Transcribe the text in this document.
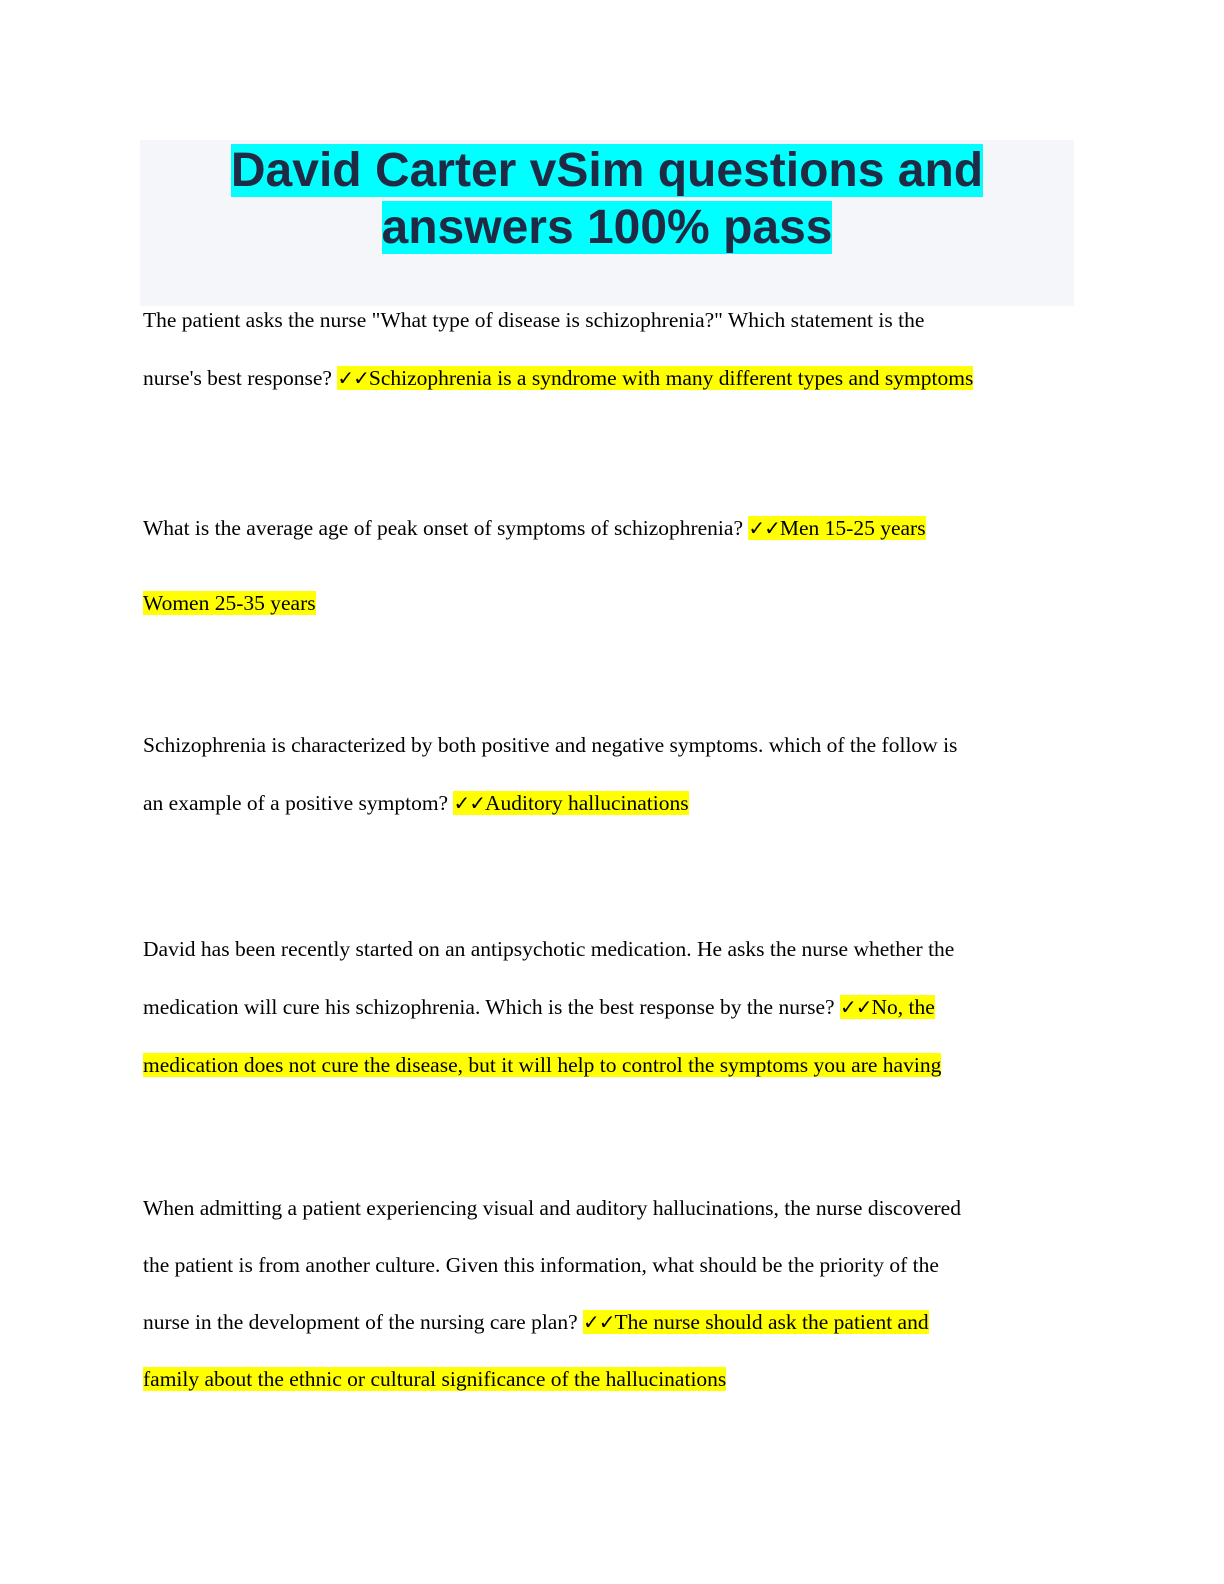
David Carter vSim questions and
answers 100% pass
The patient asks the nurse "What type of disease is schizophrenia?" Which statement is the
nurse's best response? ✓✓Schizophrenia is a syndrome with many different types and symptoms
What is the average age of peak onset of symptoms of schizophrenia? ✓✓Men 15-25 years
Women 25-35 years
Schizophrenia is characterized by both positive and negative symptoms. which of the follow is
an example of a positive symptom? ✓✓Auditory hallucinations
David has been recently started on an antipsychotic medication. He asks the nurse whether the
medication will cure his schizophrenia. Which is the best response by the nurse? ✓✓No, the
medication does not cure the disease, but it will help to control the symptoms you are having
When admitting a patient experiencing visual and auditory hallucinations, the nurse discovered
the patient is from another culture. Given this information, what should be the priority of the
nurse in the development of the nursing care plan? ✓✓The nurse should ask the patient and
family about the ethnic or cultural significance of the hallucinations
